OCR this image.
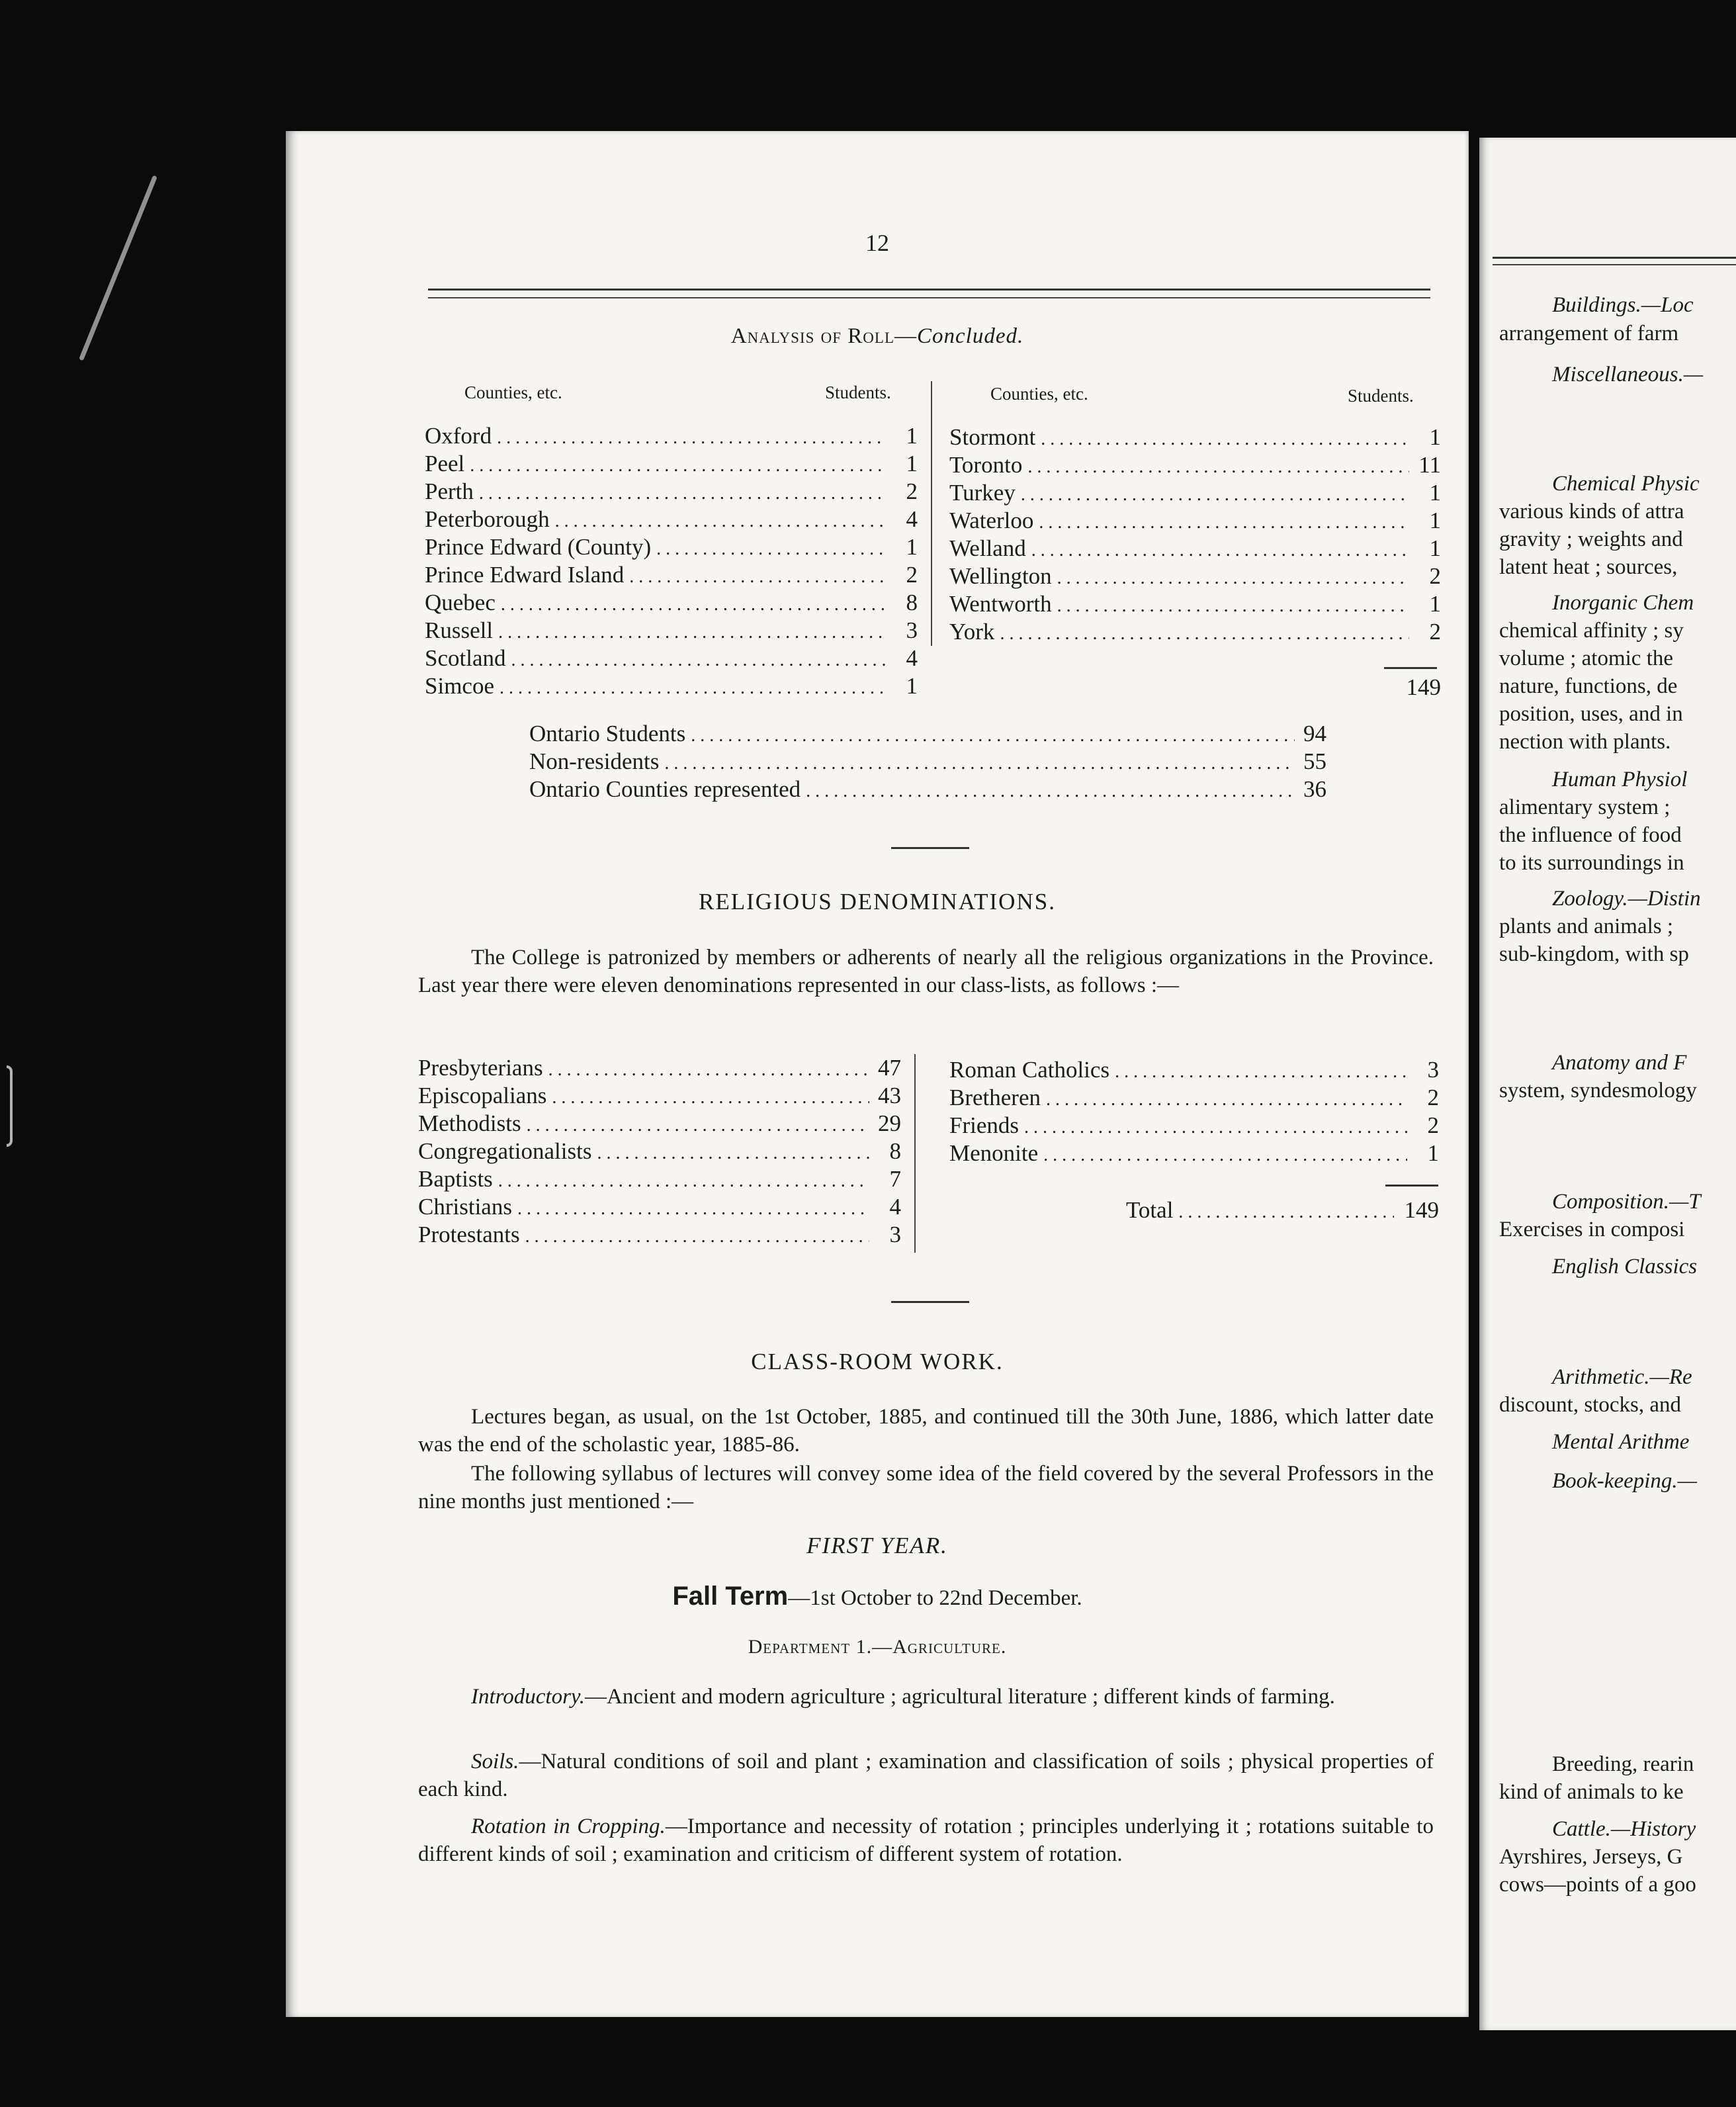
12
Analysis of Roll—Concluded.
Counties, etc.	Students.	Counties, etc.	Students.
Oxford .....	1
Peel .....	1
Perth .....	2
Peterborough .....	4
Prince Edward (County) .....	1
Prince Edward Island .....	2
Quebec .....	8
Russell .....	3
Scotland .....	4
Simcoe .....	1
Stormont .....	1
Toronto .....	11
Turkey .....	1
Waterloo .....	1
Welland .....	1
Wellington .....	2
Wentworth .....	1
York .....	2
149
Ontario Students .....	94
Non-residents .....	55
Ontario Counties represented .....	36
RELIGIOUS DENOMINATIONS.
The College is patronized by members or adherents of nearly all the religious organizations in the Province. Last year there were eleven denominations represented in our class-lists, as follows :—
Presbyterians .....	47
Episcopalians .....	43
Methodists .....	29
Congregationalists .....	8
Baptists .....	7
Christians .....	4
Protestants .....	3
Roman Catholics .....	3
Bretheren .....	2
Friends .....	2
Menonite .....	1
Total .....	149
CLASS-ROOM WORK.
Lectures began, as usual, on the 1st October, 1885, and continued till the 30th June, 1886, which latter date was the end of the scholastic year, 1885-86.
The following syllabus of lectures will convey some idea of the field covered by the several Professors in the nine months just mentioned :—
FIRST YEAR.
Fall Term—1st October to 22nd December.
Department 1.—Agriculture.
Introductory.—Ancient and modern agriculture ; agricultural literature ; different kinds of farming.
Soils.—Natural conditions of soil and plant ; examination and classification of soils ; physical properties of each kind.
Rotation in Cropping.—Importance and necessity of rotation ; principles underlying it ; rotations suitable to different kinds of soil ; examination and criticism of different system of rotation.
Buildings.—Loc
arrangement of farm
Miscellaneous.—
Chemical Physic
various kinds of attra
gravity ; weights and
latent heat ; sources,
Inorganic Chem
chemical affinity ; sy
volume ; atomic the
nature, functions, de
position, uses, and in
nection with plants.
Human Physiol
alimentary system ;
the influence of food
to its surroundings in
Zoology.—Distin
plants and animals ;
sub-kingdom, with sp
Anatomy and F
system, syndesmology
Composition.—T
Exercises in composi
English Classics
Arithmetic.—Re
discount, stocks, and
Mental Arithme
Book-keeping.—
Breeding, rearin
kind of animals to ke
Cattle.—History
Ayrshires, Jerseys, G
cows—points of a goo
